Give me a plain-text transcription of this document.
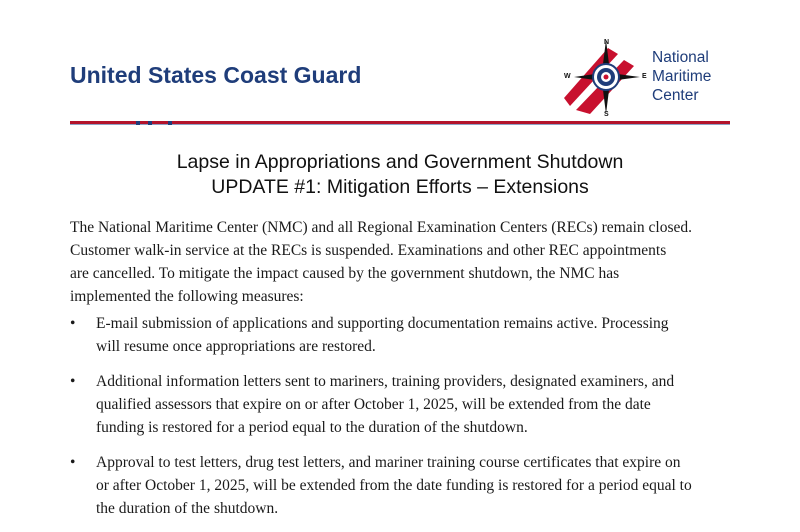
United States Coast Guard
N
E
S
W
National
Maritime
Center
Lapse in Appropriations and Government Shutdown
UPDATE #1: Mitigation Efforts – Extensions
The National Maritime Center (NMC) and all Regional Examination Centers (RECs) remain closed.
Customer walk-in service at the RECs is suspended. Examinations and other REC appointments
are cancelled. To mitigate the impact caused by the government shutdown, the NMC has
implemented the following measures:
•	E-mail submission of applications and supporting documentation remains active. Processing
will resume once appropriations are restored.
•	Additional information letters sent to mariners, training providers, designated examiners, and
qualified assessors that expire on or after October 1, 2025, will be extended from the date
funding is restored for a period equal to the duration of the shutdown.
•	Approval to test letters, drug test letters, and mariner training course certificates that expire on
or after October 1, 2025, will be extended from the date funding is restored for a period equal to
the duration of the shutdown.
